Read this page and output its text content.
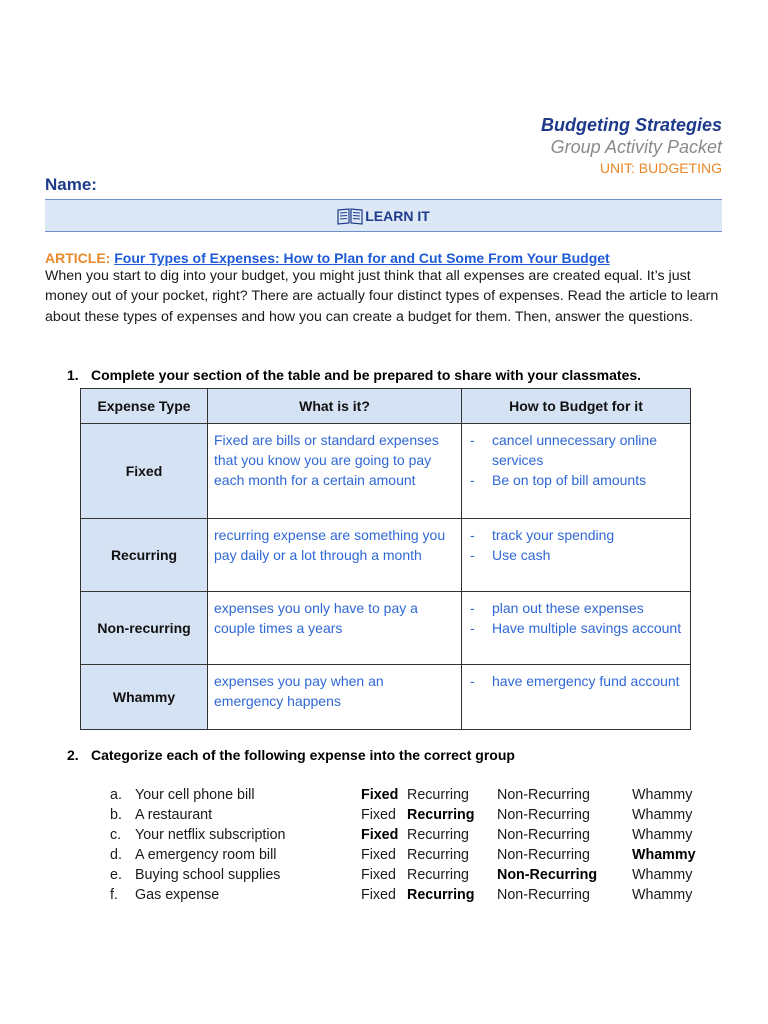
Budgeting Strategies
Group Activity Packet
UNIT: BUDGETING
Name:
LEARN IT
ARTICLE: Four Types of Expenses: How to Plan for and Cut Some From Your Budget
When you start to dig into your budget, you might just think that all expenses are created equal. It’s just money out of your pocket, right? There are actually four distinct types of expenses. Read the article to learn about these types of expenses and how you can create a budget for them. Then, answer the questions.
1. Complete your section of the table and be prepared to share with your classmates.
Expense Type	What is it?	How to Budget for it
Fixed	Fixed are bills or standard expenses that you know you are going to pay each month for a certain amount	- cancel unnecessary online services
- Be on top of bill amounts

Recurring	recurring expense are something you pay daily or a lot through a month	- track your spending
- Use cash

Non-recurring	expenses you only have to pay a couple times a years	- plan out these expenses
- Have multiple savings account

Whammy	expenses you pay when an emergency happens	- have emergency fund account
2. Categorize each of the following expense into the correct group
a. Your cell phone bill	Fixed Recurring Non-Recurring	Whammy
b. A restaurant	Fixed Recurring Non-Recurring	Whammy
c. Your netflix subscription	Fixed Recurring Non-Recurring	Whammy
d. A emergency room bill	Fixed Recurring Non-Recurring	Whammy
e. Buying school supplies	Fixed Recurring Non-Recurring Whammy
f. Gas expense	Fixed Recurring Non-Recurring	Whammy
